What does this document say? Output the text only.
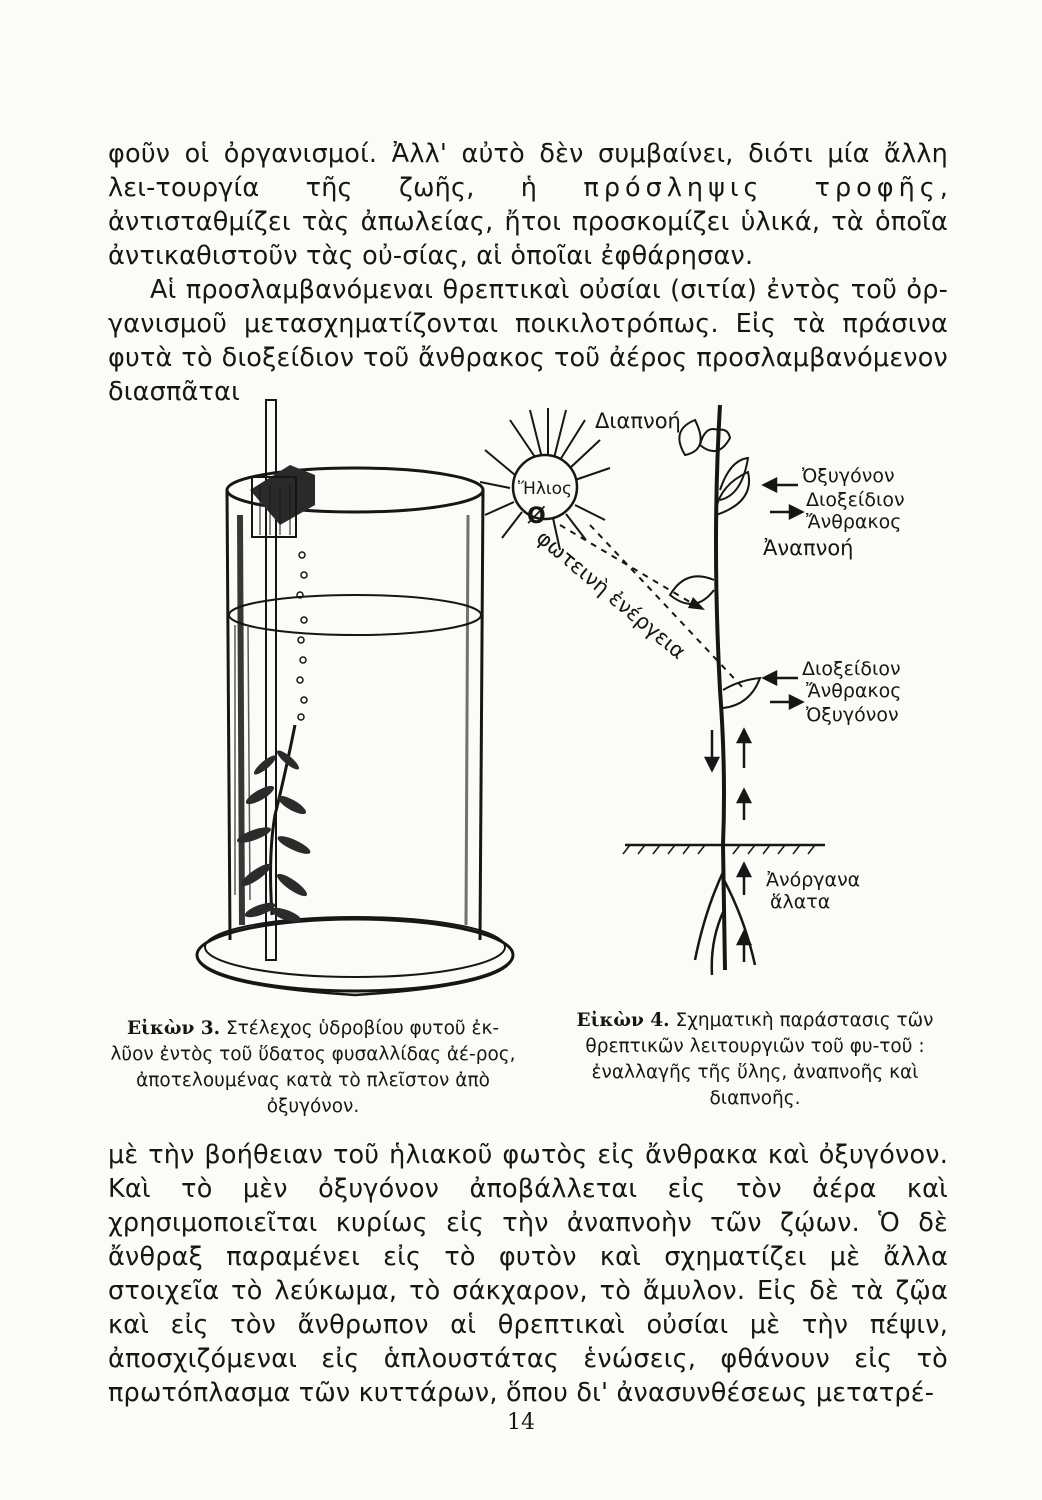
φοῦν οἱ ὀργανισμοί. Ἀλλ' αὐτὸ δὲν συμβαίνει, διότι μία ἄλλη λει-τουργία τῆς ζωῆς, ἡ πρόσληψις τροφῆς, ἀντισταθμίζει τὰς ἀπωλείας, ἤτοι προσκομίζει ὑλικά, τὰ ὁποῖα ἀντικαθιστοῦν τὰς οὐ-σίας, αἱ ὁποῖαι ἐφθάρησαν.

Αἱ προσλαμβανόμεναι θρεπτικαὶ οὐσίαι (σιτία) ἐντὸς τοῦ ὀρ-γανισμοῦ μετασχηματίζονται ποικιλοτρόπως. Εἰς τὰ πράσινα φυτὰ τὸ διοξείδιον τοῦ ἄνθρακος τοῦ ἀέρος προσλαμβανόμενον διασπᾶται

Ἥλιος
Ø
φωτεινὴ ἐνέργεια
Διαπνοή
Ὀξυγόνον
Διοξείδιον
Ἄνθρακος
Ἀναπνοή
Διοξείδιον
Ἄνθρακος
Ὀξυγόνον
Ἀνόργανα
ἅλατα
Εἰκὼν 3. Στέλεχος ὑδροβίου φυτοῦ ἐκ-λῦον ἐντὸς τοῦ ὕδατος φυσαλλίδας ἀέ-ρος, ἀποτελουμένας κατὰ τὸ πλεῖστον ἀπὸ ὀξυγόνον.
Εἰκὼν 4. Σχηματικὴ παράστασις τῶν θρεπτικῶν λειτουργιῶν τοῦ φυ-τοῦ : ἐναλλαγῆς τῆς ὕλης, ἀναπνοῆς καὶ διαπνοῆς.
μὲ τὴν βοήθειαν τοῦ ἡλιακοῦ φωτὸς εἰς ἄνθρακα καὶ ὀξυγόνον. Καὶ τὸ μὲν ὀξυγόνον ἀποβάλλεται εἰς τὸν ἀέρα καὶ χρησιμοποιεῖται κυρίως εἰς τὴν ἀναπνοὴν τῶν ζῴων. Ὁ δὲ ἄνθραξ παραμένει εἰς τὸ φυτὸν καὶ σχηματίζει μὲ ἄλλα στοιχεῖα τὸ λεύκωμα, τὸ σάκχαρον, τὸ ἄμυλον. Εἰς δὲ τὰ ζῷα καὶ εἰς τὸν ἄνθρωπον αἱ θρεπτικαὶ οὐσίαι μὲ τὴν πέψιν, ἀποσχιζόμεναι εἰς ἁπλουστάτας ἑνώσεις, φθάνουν εἰς τὸ πρωτόπλασμα τῶν κυττάρων, ὅπου δι' ἀνασυνθέσεως μετατρέ-
14
